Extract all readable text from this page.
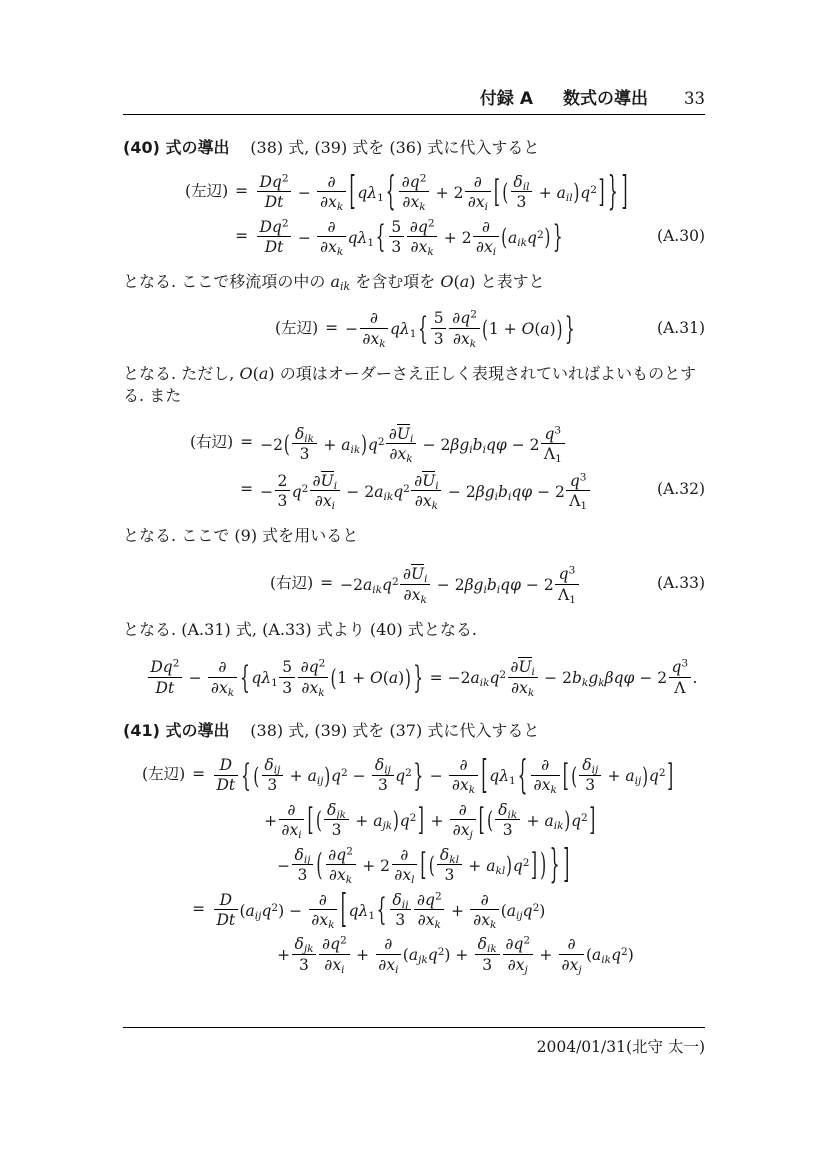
付録 A 数式の導出 33
(40) 式の導出 (38) 式, (39) 式を (36) 式に代入すると
(左辺)	=	$\frac{Dq^2}{Dt} - \frac{\partial}{\partial x_k}$ [ $q\lambda_1$ { $\frac{\partial q^2}{\partial x_k} + 2 \frac{\partial}{\partial x_i}$ [ ( $\frac{\delta_{il}}{3} + a_{il})q^2$] } ]		
	=	$\frac{Dq^2}{Dt} - \frac{\partial}{\partial x_k} q\lambda_1\{ \frac{5}{3} \frac{\partial q^2}{\partial x_k} + 2 \frac{\partial}{\partial x_i} (a_{ik}q^2)$ }		(A.30)
となる. ここで移流項の中の $a_{ik}$ を含む項を O(a) と表すと
(左辺)	=	− $\frac{\partial}{\partial x_k} q\lambda_1\{ \frac{5}{3} \frac{\partial q^2}{\partial x_k} (1 + O(a))$ }		(A.31)
となる. ただし, O(a) の項はオーダーさえ正しく表現されていればよいものとする. また
(右辺)	=	$-2( \frac{\delta_{ik}}{3} + a_{ik})q^2 \frac{\partial U_i}{\partial x_k} - 2\beta g_ib_iq\varphi - 2 \frac{q^3}{\Lambda_1}$

	=	− $\frac{2}{3} q^2 \frac{\partial U_i}{\partial x_i} - 2a_{ik}q^2 \frac{\partial U_i}{\partial x_k} - 2\beta g_ib_iq\varphi - 2 \frac{q^3}{\Lambda_1}$		(A.32)
となる. ここで (9) 式を用いると
(右辺)	=	$-2a_{ik}q^2 \frac{\partial U_i}{\partial x_k} - 2\beta g_ib_iq\varphi - 2 \frac{q^3}{\Lambda_1}$		(A.33)
となる. (A.31) 式, (A.33) 式より (40) 式となる.

$\frac{Dq^2}{Dt} - \frac{\partial}{\partial x_k} \{q\lambda_1 \frac{5}{3} \frac{\partial q^2}{\partial x_k} (1 + O(a))$ } = $-2a_{ik}q^2 \frac{\partial U_i}{\partial x_k} - 2b_kg_k\beta q\varphi - 2 \frac{q^3}{\Lambda}$ .		
(41) 式の導出 (38) 式, (39) 式を (37) 式に代入すると
(左辺)	=	$\frac{D}{Dt}$ { ( $\frac{\delta_{ij}}{3} + a_{ij})q^2 - \frac{\delta_{ij}}{3} q^2\} - \frac{\partial}{\partial x_k}$ [ $q\lambda_1$ { $\frac{\partial}{\partial x_k}$ [ ( $\frac{\delta_{ij}}{3} + a_{ij})q^2$]		
		+ $\frac{\partial}{\partial x_i}$ [ ( $\frac{\delta_{jk}}{3} + a_{jk})q^2] + \frac{\partial}{\partial x_j}$ [ ( $\frac{\delta_{ik}}{3} + a_{ik})q^2$]		
		− $\frac{\delta_{ij}}{3}$ ( $\frac{\partial q^2}{\partial x_k} + 2 \frac{\partial}{\partial x_l}$ [ ( $\frac{\delta_{kl}}{3} + a_{kl})q^2$] ) } ]		
	=	$\frac{D}{Dt} (a_{ij}q^2) - \frac{\partial}{\partial x_k}$ [ $q\lambda_1\{ \frac{\delta_{ij}}{3} \frac{\partial q^2}{\partial x_k} + \frac{\partial}{\partial x_k} (a_{ij}q^2)$		
		+ $\frac{\delta_{jk}}{3} \frac{\partial q^2}{\partial x_i} + \frac{\partial}{\partial x_i} (a_{jk}q^2) + \frac{\delta_{ik}}{3} \frac{\partial q^2}{\partial x_j} + \frac{\partial}{\partial x_j} (a_{ik}q^2)$		
2004/01/31(北守 太一)
